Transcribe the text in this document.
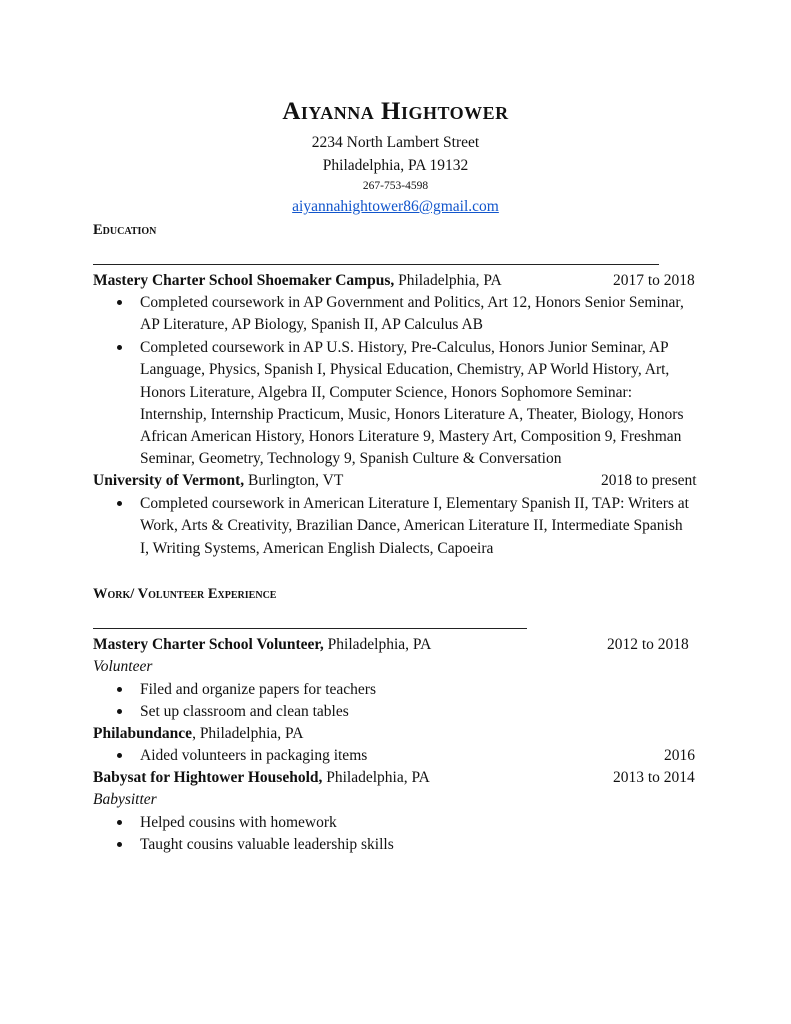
Aiyanna Hightower
2234 North Lambert Street
Philadelphia, PA 19132
267-753-4598
aiyannahightower86@gmail.com
Education
Mastery Charter School Shoemaker Campus, Philadelphia, PA	2017 to 2018
Completed coursework in AP Government and Politics, Art 12, Honors Senior Seminar, AP Literature, AP Biology, Spanish II, AP Calculus AB
Completed coursework in AP U.S. History, Pre-Calculus, Honors Junior Seminar, AP Language, Physics, Spanish I, Physical Education, Chemistry, AP World History, Art, Honors Literature, Algebra II, Computer Science, Honors Sophomore Seminar: Internship, Internship Practicum, Music, Honors Literature A, Theater, Biology, Honors African American History, Honors Literature 9, Mastery Art, Composition 9, Freshman Seminar, Geometry, Technology 9, Spanish Culture & Conversation
University of Vermont, Burlington, VT	2018 to present
Completed coursework in American Literature I, Elementary Spanish II, TAP: Writers at Work, Arts & Creativity, Brazilian Dance, American Literature II, Intermediate Spanish I, Writing Systems, American English Dialects, Capoeira
Work/ Volunteer Experience
Mastery Charter School Volunteer, Philadelphia, PA	2012 to 2018
Volunteer
Filed and organize papers for teachers
Set up classroom and clean tables
Philabundance, Philadelphia, PA
Aided volunteers in packaging items	2016
Babysat for Hightower Household, Philadelphia, PA	2013 to 2014
Babysitter
Helped cousins with homework
Taught cousins valuable leadership skills
